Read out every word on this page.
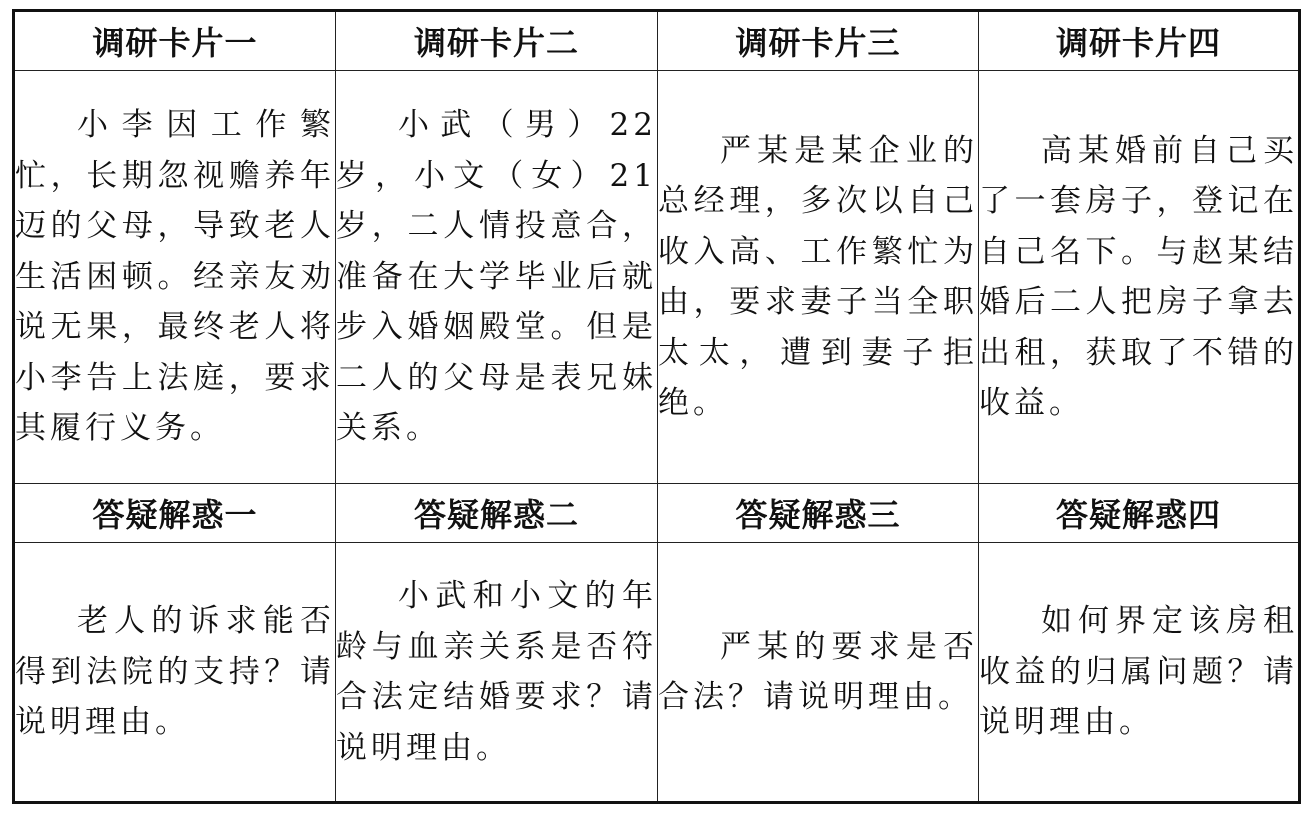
调研卡片一	调研卡片二	调研卡片三	调研卡片四

小李因工作繁忙，长期忽视赡养年迈的父母，导致老人生活困顿。经亲友劝说无果，最终老人将小李告上法庭，要求其履行义务。	小武（男）22岁，小文（女）21岁，二人情投意合，准备在大学毕业后就步入婚姻殿堂。但是二人的父母是表兄妹关系。	严某是某企业的总经理，多次以自己收入高、工作繁忙为由，要求妻子当全职太太，遭到妻子拒绝。	高某婚前自己买了一套房子，登记在自己名下。与赵某结婚后二人把房子拿去出租，获取了不错的收益。

答疑解惑一	答疑解惑二	答疑解惑三	答疑解惑四

老人的诉求能否得到法院的支持？请说明理由。	小武和小文的年龄与血亲关系是否符合法定结婚要求？请说明理由。	严某的要求是否合法？请说明理由。	如何界定该房租收益的归属问题？请说明理由。
